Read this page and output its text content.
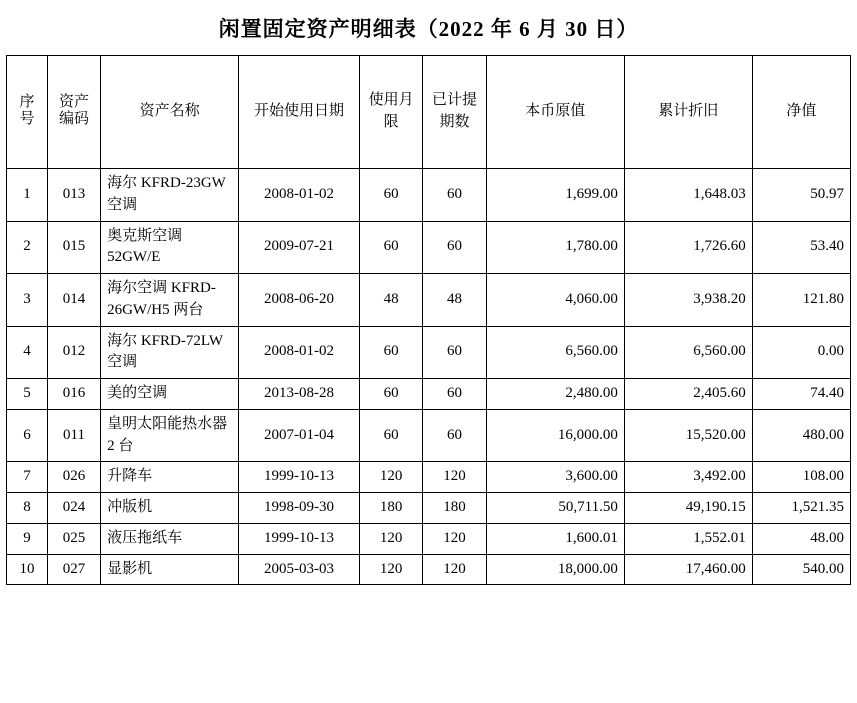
闲置固定资产明细表（2022 年 6 月 30 日）
序号	资产编码	资产名称	开始使用日期	使用月限	已计提期数	本币原值	累计折旧	净值
1	013	海尔 KFRD-23GW 空调	2008-01-02	60	60	1,699.00	1,648.03	50.97
2	015	奥克斯空调 52GW/E	2009-07-21	60	60	1,780.00	1,726.60	53.40
3	014	海尔空调 KFRD-26GW/H5 两台	2008-06-20	48	48	4,060.00	3,938.20	121.80
4	012	海尔 KFRD-72LW 空调	2008-01-02	60	60	6,560.00	6,560.00	0.00
5	016	美的空调	2013-08-28	60	60	2,480.00	2,405.60	74.40
6	011	皇明太阳能热水器 2 台	2007-01-04	60	60	16,000.00	15,520.00	480.00
7	026	升降车	1999-10-13	120	120	3,600.00	3,492.00	108.00
8	024	冲版机	1998-09-30	180	180	50,711.50	49,190.15	1,521.35
9	025	液压拖纸车	1999-10-13	120	120	1,600.01	1,552.01	48.00
10	027	显影机	2005-03-03	120	120	18,000.00	17,460.00	540.00
